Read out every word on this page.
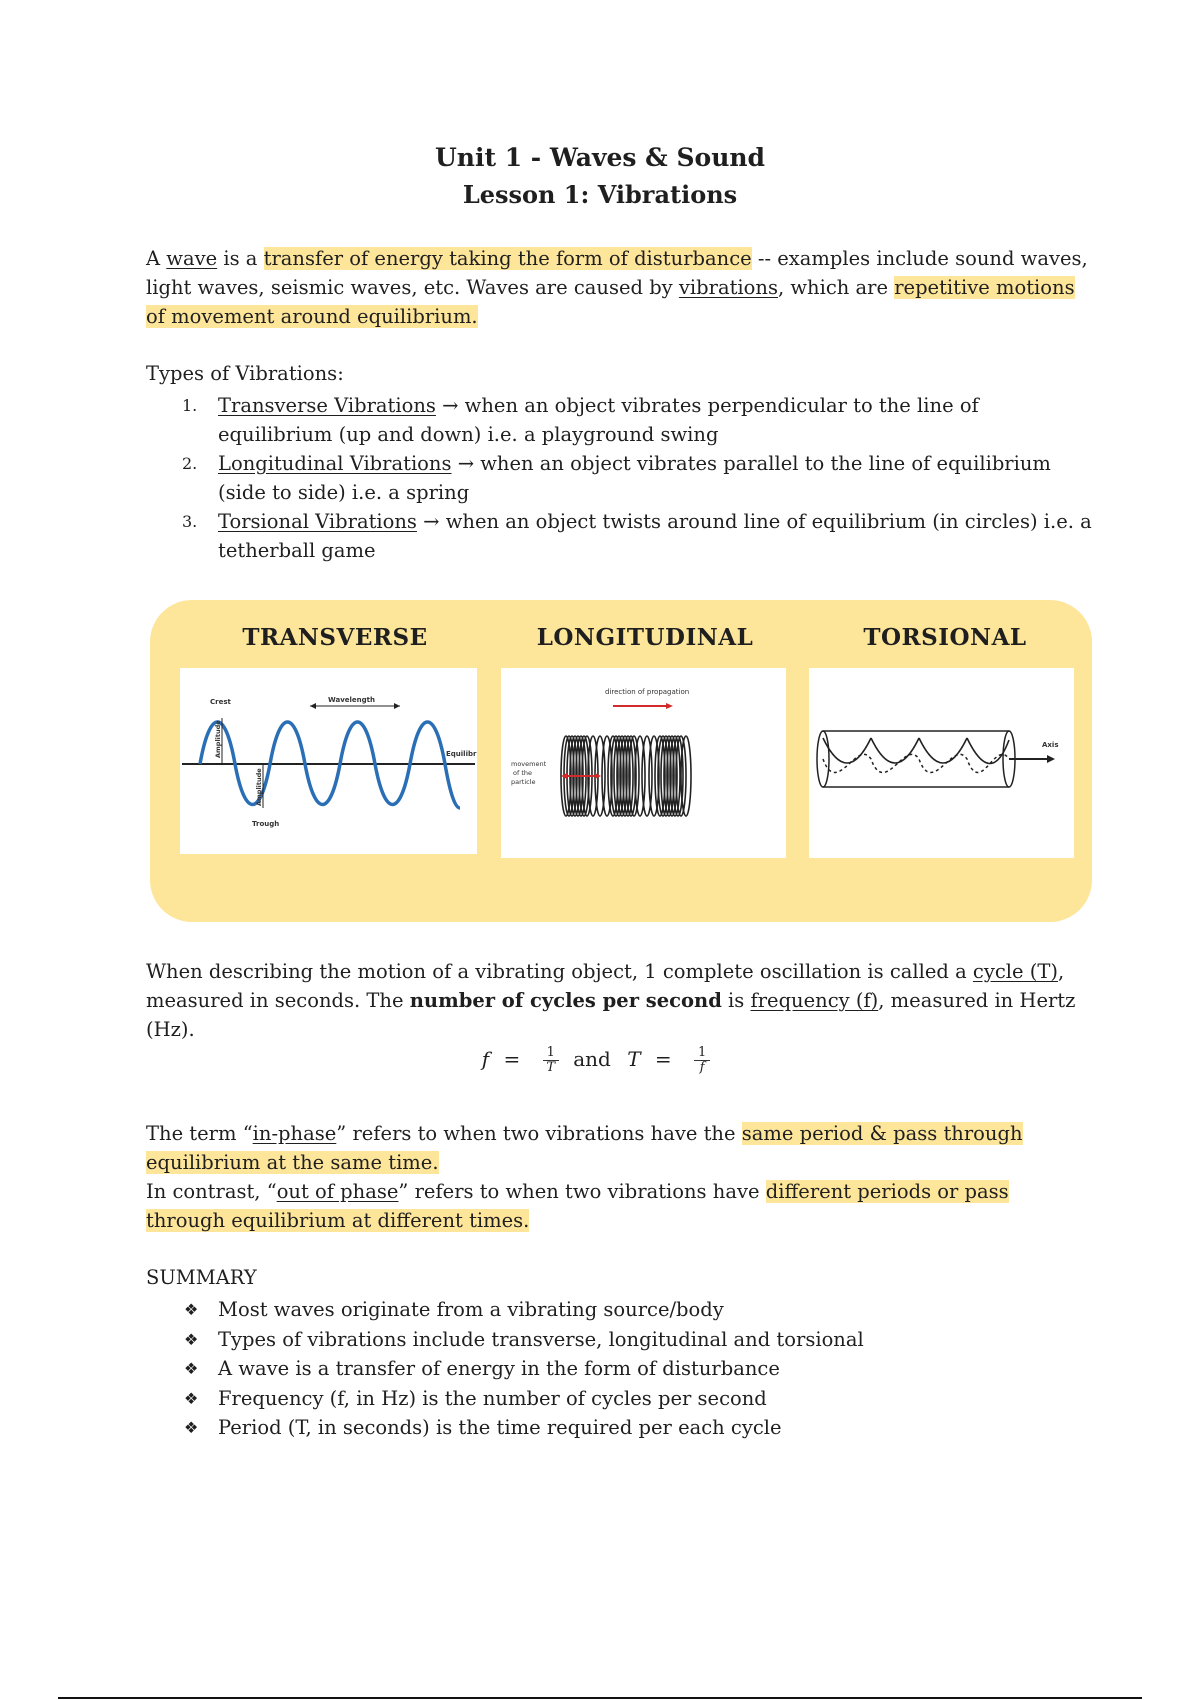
Unit 1 - Waves & Sound
Lesson 1: Vibrations
A wave is a transfer of energy taking the form of disturbance -- examples include sound waves, light waves, seismic waves, etc. Waves are caused by vibrations, which are repetitive motions of movement around equilibrium.
Types of Vibrations:
1. Transverse Vibrations → when an object vibrates perpendicular to the line of equilibrium (up and down) i.e. a playground swing
2. Longitudinal Vibrations → when an object vibrates parallel to the line of equilibrium (side to side) i.e. a spring
3. Torsional Vibrations → when an object twists around line of equilibrium (in circles) i.e. a tetherball game
TRANSVERSE	LONGITUDINAL	TORSIONAL
Crest	Wavelength
Trough
Equilibr
Amplitude
Amplitude
direction of propagation
movement
of the
particle
Axis
When describing the motion of a vibrating object, 1 complete oscillation is called a cycle (T), measured in seconds. The number of cycles per second is frequency (f), measured in Hertz (Hz).
$f = \frac{1}{T}$ and $T = \frac{1}{f}$
The term “in-phase” refers to when two vibrations have the same period & pass through equilibrium at the same time.
In contrast, “out of phase” refers to when two vibrations have different periods or pass through equilibrium at different times.
SUMMARY
❖ Most waves originate from a vibrating source/body
❖ Types of vibrations include transverse, longitudinal and torsional
❖ A wave is a transfer of energy in the form of disturbance
❖ Frequency (f, in Hz) is the number of cycles per second
❖ Period (T, in seconds) is the time required per each cycle
